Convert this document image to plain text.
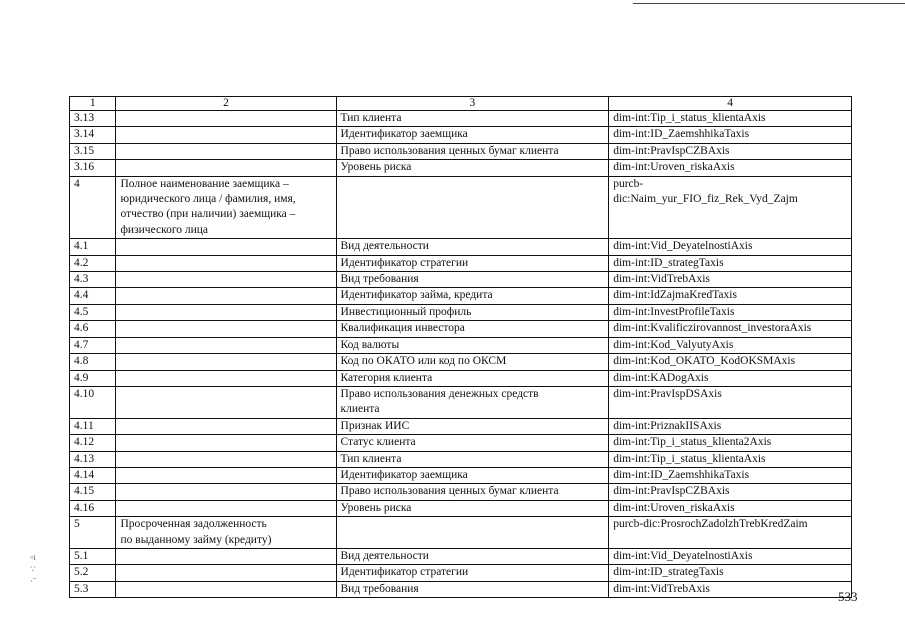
▫ı
∵
·ˉ
1	2	3	4
3.13		Тип клиента	dim-int:Tip_i_status_klientaAxis
3.14		Идентификатор заемщика	dim-int:ID_ZaemshhikaTaxis
3.15		Право использования ценных бумаг клиента	dim-int:PravIspCZBAxis
3.16		Уровень риска	dim-int:Uroven_riskaAxis
4	Полное наименование заемщика –
юридического лица / фамилия, имя,
отчество (при наличии) заемщика –
физического лица		purcb-
dic:Naim_yur_FIO_fiz_Rek_Vyd_Zajm
4.1		Вид деятельности	dim-int:Vid_DeyatelnostiAxis
4.2		Идентификатор стратегии	dim-int:ID_strategTaxis
4.3		Вид требования	dim-int:VidTrebAxis
4.4		Идентификатор займа, кредита	dim-int:IdZajmaKredTaxis
4.5		Инвестиционный профиль	dim-int:InvestProfileTaxis
4.6		Квалификация инвестора	dim-int:Kvalificzirovannost_investoraAxis
4.7		Код валюты	dim-int:Kod_ValyutyAxis
4.8		Код по ОКАТО или код по ОКСМ	dim-int:Kod_OKATO_KodOKSMAxis
4.9		Категория клиента	dim-int:KADogAxis
4.10		Право использования денежных средств
клиента	dim-int:PravIspDSAxis
4.11		Признак ИИС	dim-int:PriznakIISAxis
4.12		Статус клиента	dim-int:Tip_i_status_klienta2Axis
4.13		Тип клиента	dim-int:Tip_i_status_klientaAxis
4.14		Идентификатор заемщика	dim-int:ID_ZaemshhikaTaxis
4.15		Право использования ценных бумаг клиента	dim-int:PravIspCZBAxis
4.16		Уровень риска	dim-int:Uroven_riskaAxis
5	Просроченная задолженность
по выданному займу (кредиту)		purcb-dic:ProsrochZadolzhTrebKredZaim
5.1		Вид деятельности	dim-int:Vid_DeyatelnostiAxis
5.2		Идентификатор стратегии	dim-int:ID_strategTaxis
5.3		Вид требования	dim-int:VidTrebAxis
533
